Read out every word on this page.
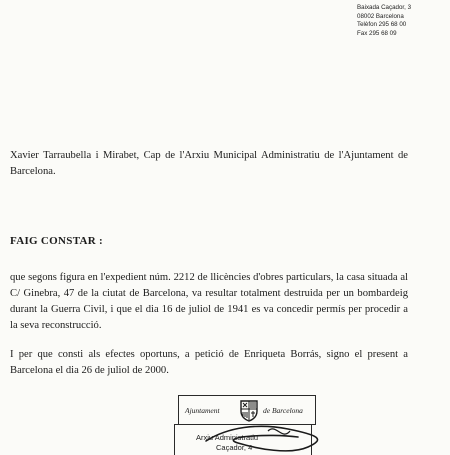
Baixada Caçador, 3
08002 Barcelona
Telèfon 295 68 00
Fax 295 68 09
Xavier Tarraubella i Mirabet, Cap de l'Arxiu Municipal Administratiu de l'Ajuntament de Barcelona.
FAIG CONSTAR :
que segons figura en l'expedient núm. 2212 de llicències d'obres particulars, la casa situada al C/ Ginebra, 47 de la ciutat de Barcelona, va resultar totalment destruida per un bombardeig durant la Guerra Civil, i que el dia 16 de juliol de 1941 es va concedir permís per procedir a la seva reconstrucció.
I per que consti als efectes oportuns, a petició de Enriqueta Borrás, signo el present a Barcelona el dia 26 de juliol de 2000.
Ajuntament	de Barcelona
Arxiu Administratiu
Caçador, 4
